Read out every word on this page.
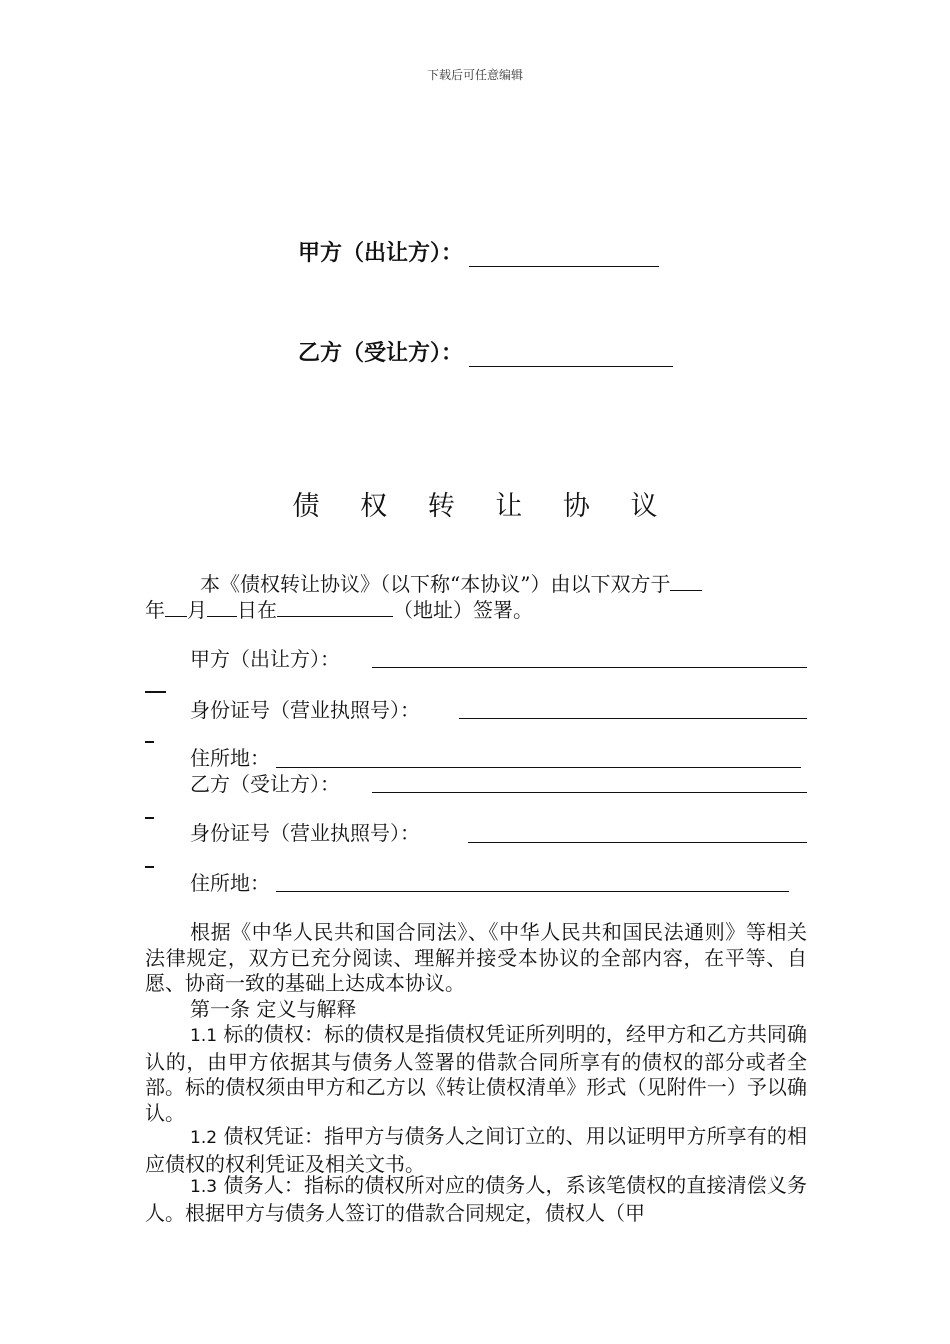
下载后可任意编辑
甲方（出让方）：
乙方（受让方）：
债 权 转 让 协 议
本《债权转让协议》（以下称“本协议”）由以下双方于
年 月 日在	（地址）签署。
甲方（出让方）：
身份证号（营业执照号）：
住所地：
乙方（受让方）：
身份证号（营业执照号）：
住所地：
根据《中华人民共和国合同法》、《中华人民共和国民法通则》等相关法律规定，双方已充分阅读、理解并接受本协议的全部内容，在平等、自愿、协商一致的基础上达成本协议。
第一条 定义与解释
1.1 标的债权：标的债权是指债权凭证所列明的，经甲方和乙方共同确认的，由甲方依据其与债务人签署的借款合同所享有的债权的部分或者全部。标的债权须由甲方和乙方以《转让债权清单》形式（见附件一）予以确认。
1.2 债权凭证：指甲方与债务人之间订立的、用以证明甲方所享有的相应债权的权利凭证及相关文书。
1.3 债务人：指标的债权所对应的债务人，系该笔债权的直接清偿义务人。根据甲方与债务人签订的借款合同规定，债权人（甲
